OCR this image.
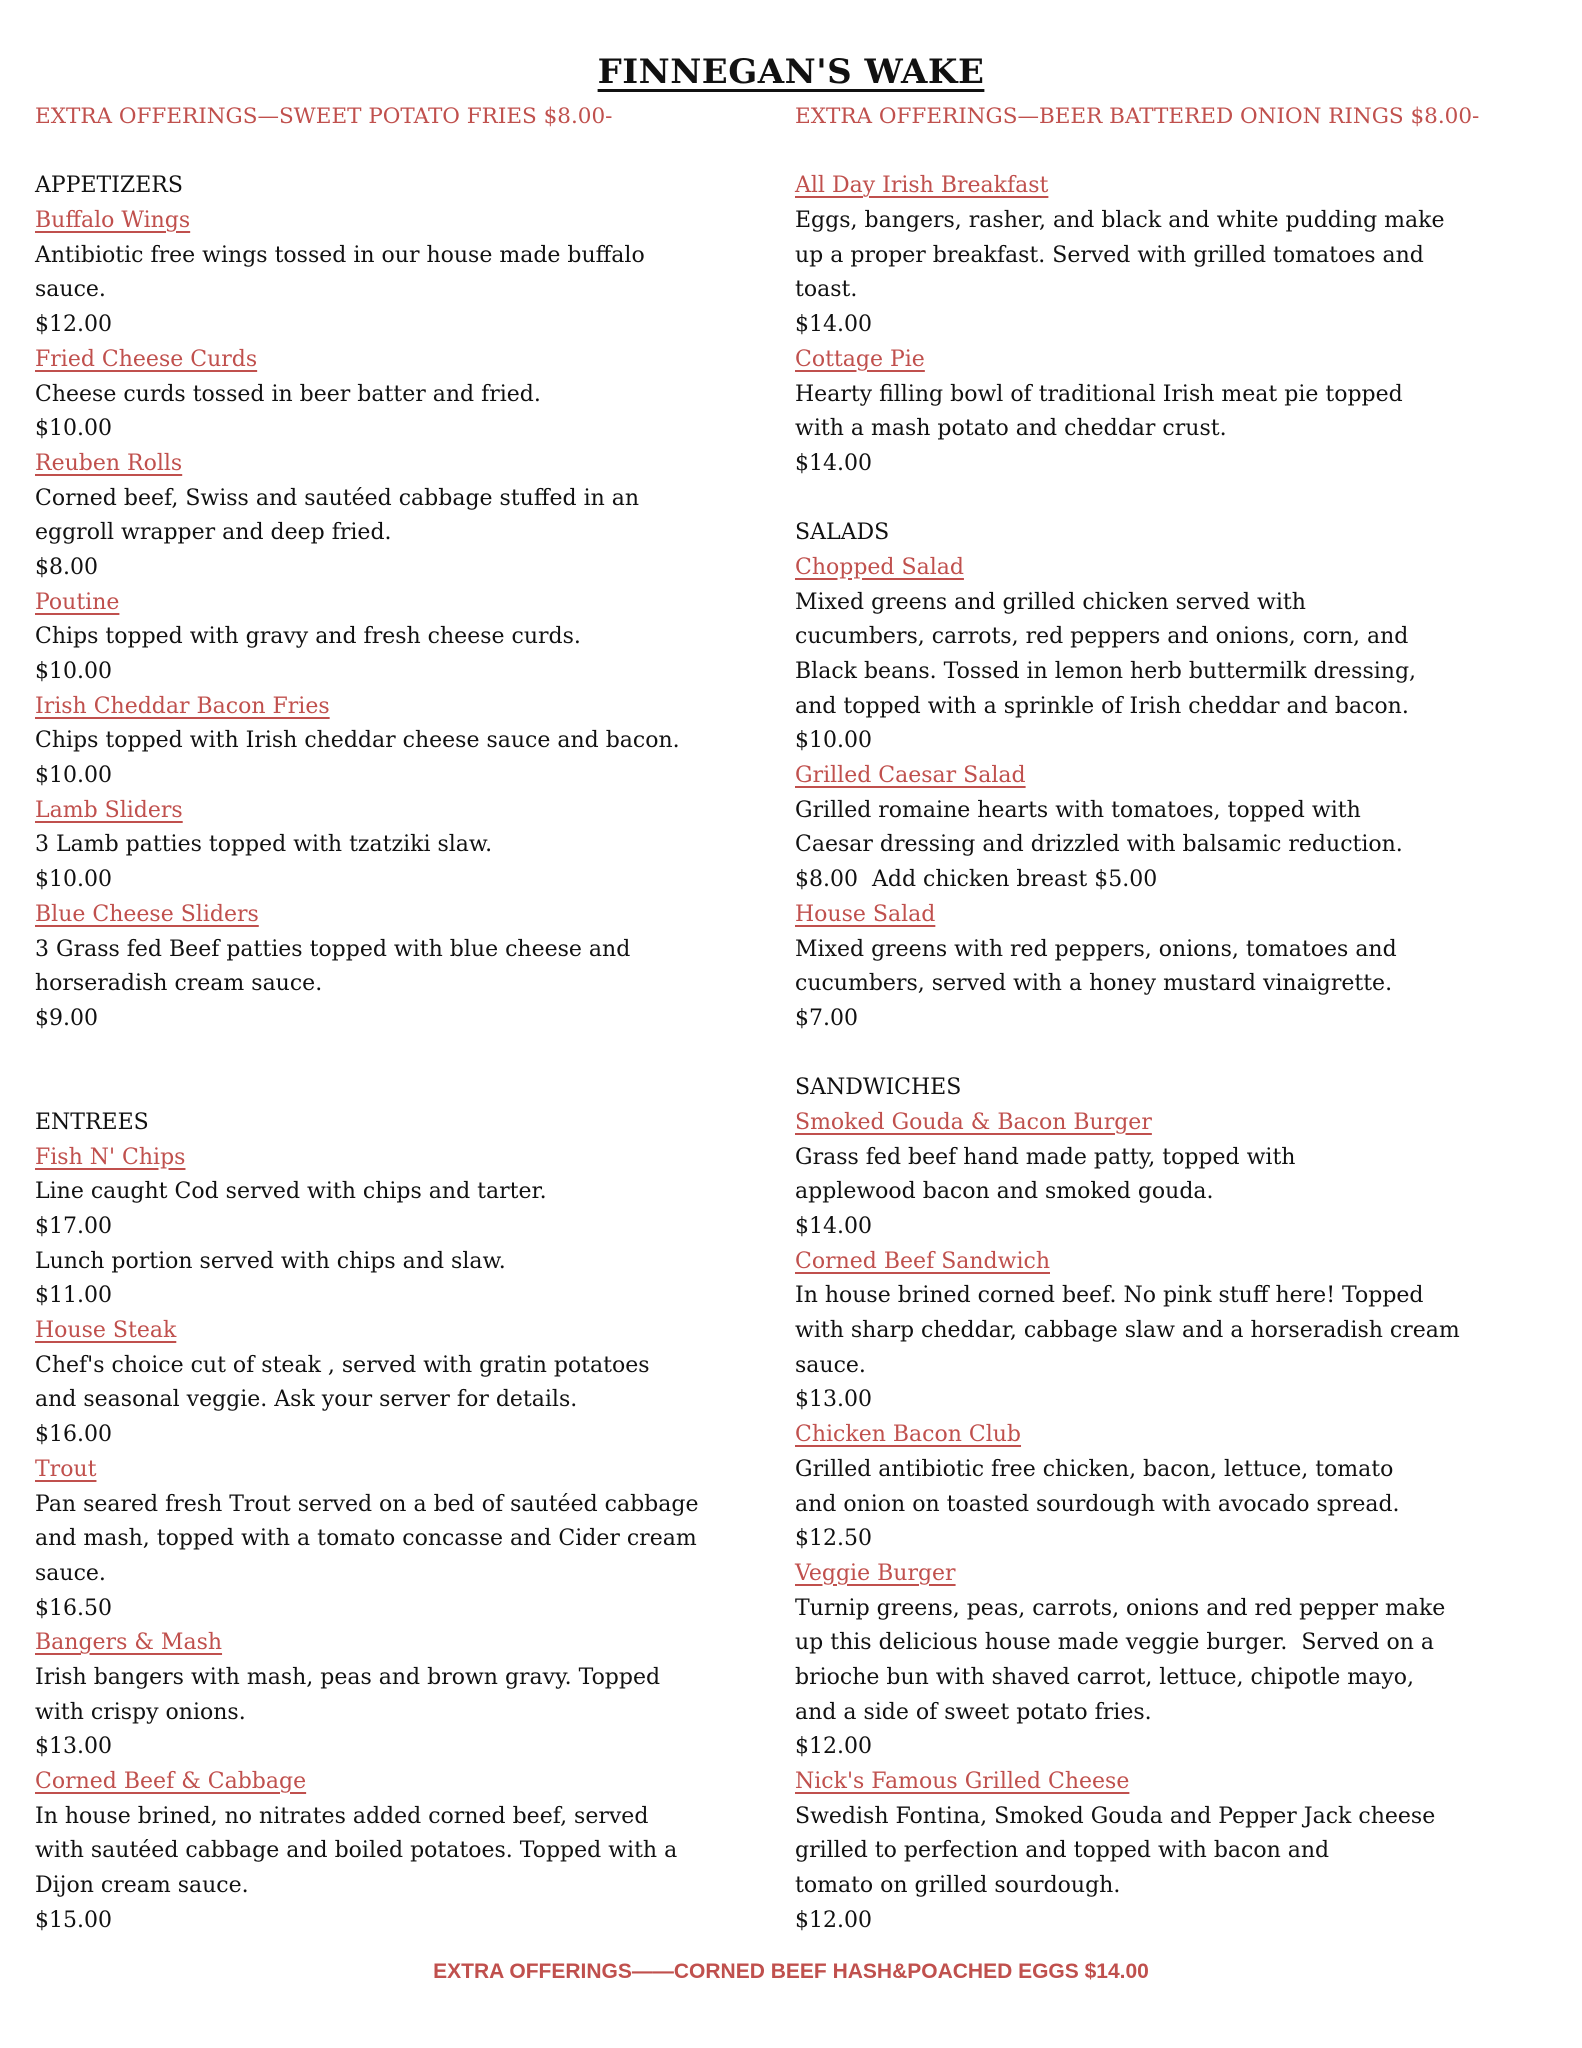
FINNEGAN'S WAKE
EXTRA OFFERINGS—SWEET POTATO FRIES $8.00-
APPETIZERS
Buffalo Wings
Antibiotic free wings tossed in our house made buffalo
sauce.
$12.00
Fried Cheese Curds
Cheese curds tossed in beer batter and fried.
$10.00
Reuben Rolls
Corned beef, Swiss and sautéed cabbage stuffed in an
eggroll wrapper and deep fried.
$8.00
Poutine
Chips topped with gravy and fresh cheese curds.
$10.00
Irish Cheddar Bacon Fries
Chips topped with Irish cheddar cheese sauce and bacon.
$10.00
Lamb Sliders
3 Lamb patties topped with tzatziki slaw.
$10.00
Blue Cheese Sliders
3 Grass fed Beef patties topped with blue cheese and
horseradish cream sauce.
$9.00
ENTREES
Fish N' Chips
Line caught Cod served with chips and tarter.
$17.00
Lunch portion served with chips and slaw.
$11.00
House Steak
Chef's choice cut of steak , served with gratin potatoes
and seasonal veggie. Ask your server for details.
$16.00
Trout
Pan seared fresh Trout served on a bed of sautéed cabbage
and mash, topped with a tomato concasse and Cider cream
sauce.
$16.50
Bangers & Mash
Irish bangers with mash, peas and brown gravy. Topped
with crispy onions.
$13.00
Corned Beef & Cabbage
In house brined, no nitrates added corned beef, served
with sautéed cabbage and boiled potatoes. Topped with a
Dijon cream sauce.
$15.00
EXTRA OFFERINGS—BEER BATTERED ONION RINGS $8.00-
All Day Irish Breakfast
Eggs, bangers, rasher, and black and white pudding make
up a proper breakfast. Served with grilled tomatoes and
toast.
$14.00
Cottage Pie
Hearty filling bowl of traditional Irish meat pie topped
with a mash potato and cheddar crust.
$14.00
SALADS
Chopped Salad
Mixed greens and grilled chicken served with
cucumbers, carrots, red peppers and onions, corn, and
Black beans. Tossed in lemon herb buttermilk dressing,
and topped with a sprinkle of Irish cheddar and bacon.
$10.00
Grilled Caesar Salad
Grilled romaine hearts with tomatoes, topped with
Caesar dressing and drizzled with balsamic reduction.
$8.00  Add chicken breast $5.00
House Salad
Mixed greens with red peppers, onions, tomatoes and
cucumbers, served with a honey mustard vinaigrette.
$7.00
SANDWICHES
Smoked Gouda & Bacon Burger
Grass fed beef hand made patty, topped with
applewood bacon and smoked gouda.
$14.00
Corned Beef Sandwich
In house brined corned beef. No pink stuff here! Topped
with sharp cheddar, cabbage slaw and a horseradish cream
sauce.
$13.00
Chicken Bacon Club
Grilled antibiotic free chicken, bacon, lettuce, tomato
and onion on toasted sourdough with avocado spread.
$12.50
Veggie Burger
Turnip greens, peas, carrots, onions and red pepper make
up this delicious house made veggie burger.  Served on a
brioche bun with shaved carrot, lettuce, chipotle mayo,
and a side of sweet potato fries.
$12.00
Nick's Famous Grilled Cheese
Swedish Fontina, Smoked Gouda and Pepper Jack cheese
grilled to perfection and topped with bacon and
tomato on grilled sourdough.
$12.00
EXTRA OFFERINGS——CORNED BEEF HASH&POACHED EGGS $14.00
